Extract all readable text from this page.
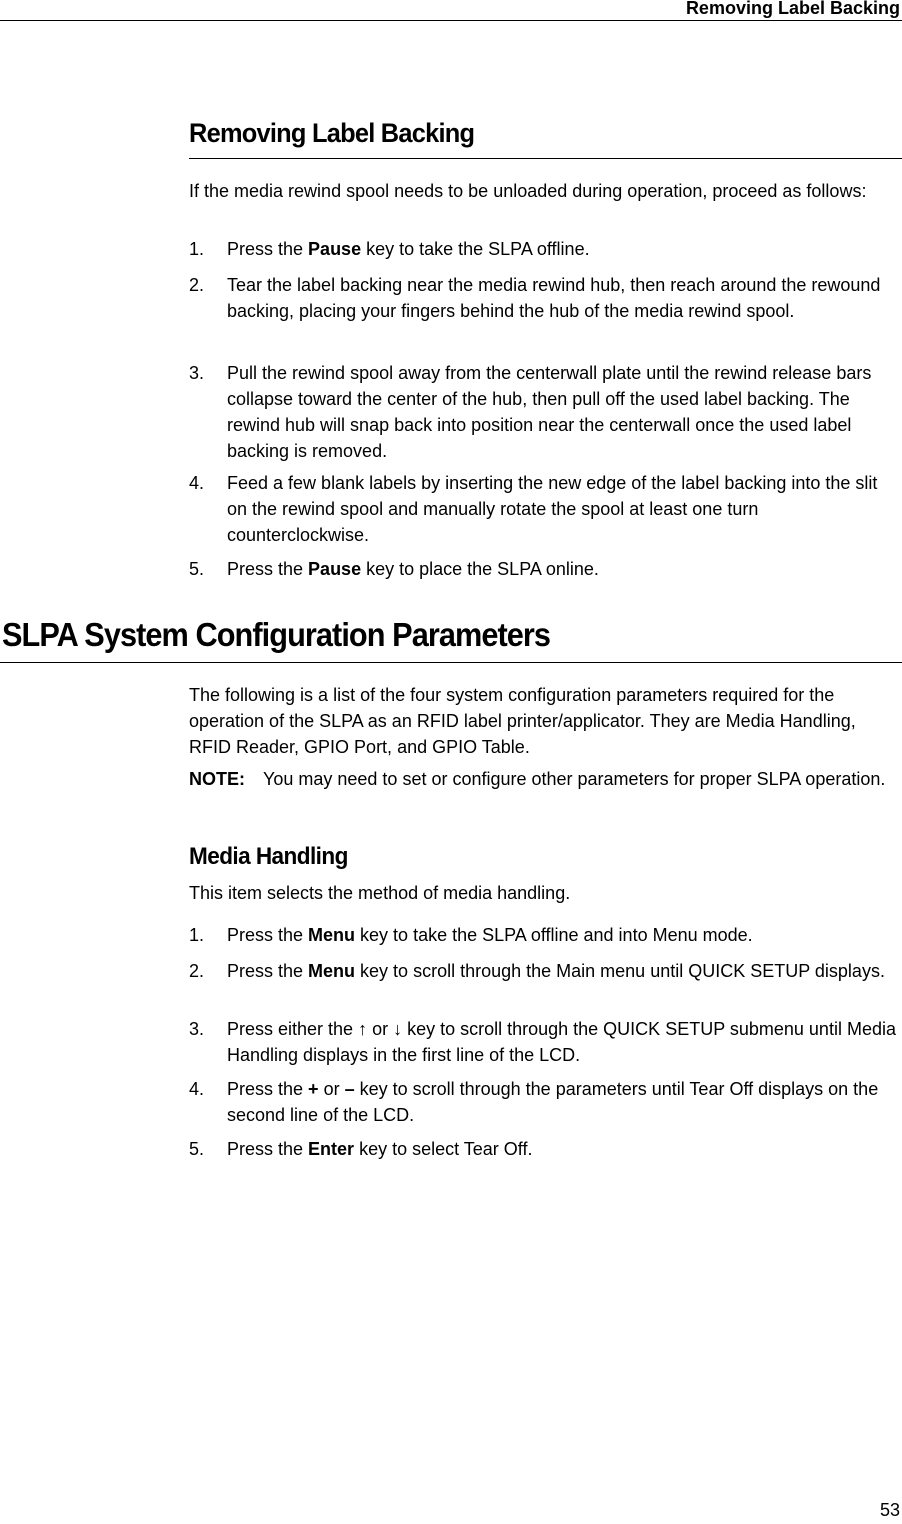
Removing Label Backing
Removing Label Backing
If the media rewind spool needs to be unloaded during operation, proceed as follows:
1. Press the Pause key to take the SLPA offline.
2. Tear the label backing near the media rewind hub, then reach around the rewound backing, placing your fingers behind the hub of the media rewind spool.
3. Pull the rewind spool away from the centerwall plate until the rewind release bars collapse toward the center of the hub, then pull off the used label backing. The rewind hub will snap back into position near the centerwall once the used label backing is removed.
4. Feed a few blank labels by inserting the new edge of the label backing into the slit on the rewind spool and manually rotate the spool at least one turn counterclockwise.
5. Press the Pause key to place the SLPA online.
SLPA System Configuration Parameters
The following is a list of the four system configuration parameters required for the operation of the SLPA as an RFID label printer/applicator. They are Media Handling, RFID Reader, GPIO Port, and GPIO Table.
NOTE: You may need to set or configure other parameters for proper SLPA operation.
Media Handling
This item selects the method of media handling.
1. Press the Menu key to take the SLPA offline and into Menu mode.
2. Press the Menu key to scroll through the Main menu until QUICK SETUP displays.
3. Press either the ↑ or ↓ key to scroll through the QUICK SETUP submenu until Media Handling displays in the first line of the LCD.
4. Press the + or – key to scroll through the parameters until Tear Off displays on the second line of the LCD.
5. Press the Enter key to select Tear Off.
53
